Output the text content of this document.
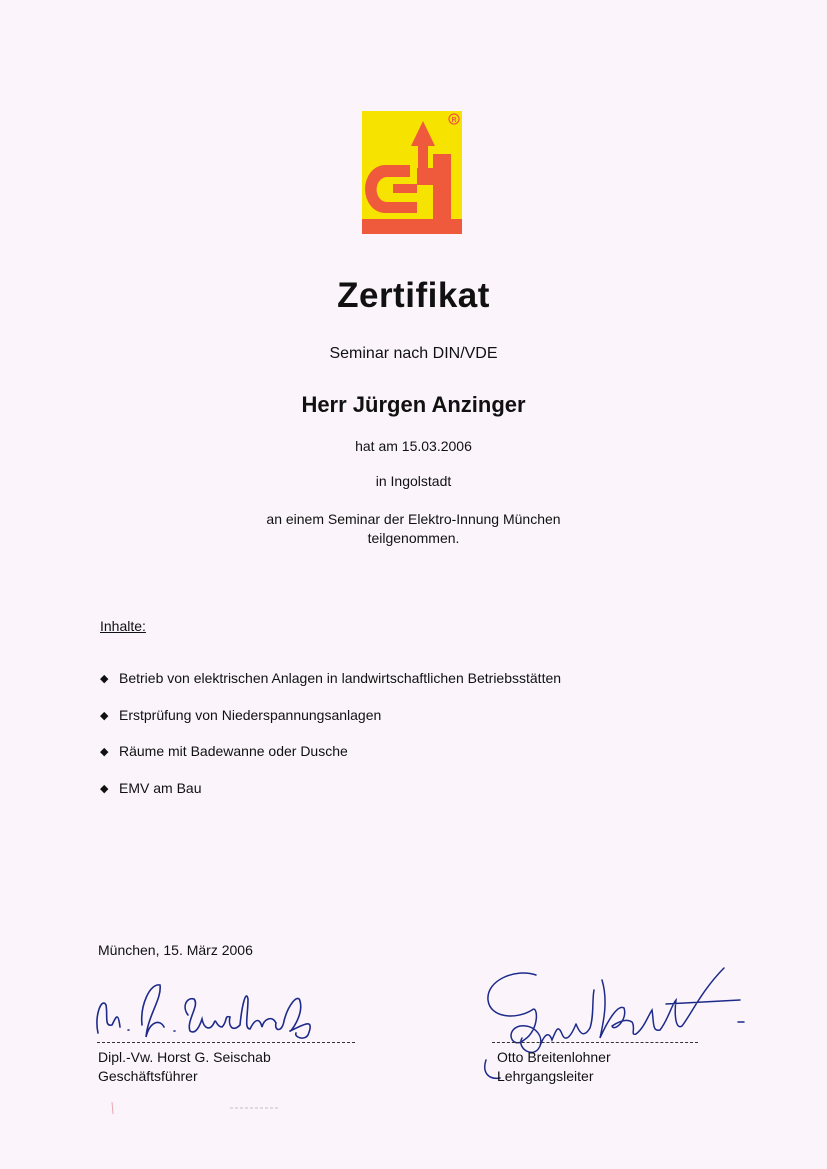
R
Zertifikat
Seminar nach DIN/VDE
Herr Jürgen Anzinger
hat am 15.03.2006
in Ingolstadt
an einem Seminar der Elektro-Innung München
teilgenommen.
Inhalte:
◆ Betrieb von elektrischen Anlagen in landwirtschaftlichen Betriebsstätten
◆ Erstprüfung von Niederspannungsanlagen
◆ Räume mit Badewanne oder Dusche
◆ EMV am Bau
München, 15. März 2006
Dipl.-Vw. Horst G. Seischab
Geschäftsführer
Otto Breitenlohner
Lehrgangsleiter
